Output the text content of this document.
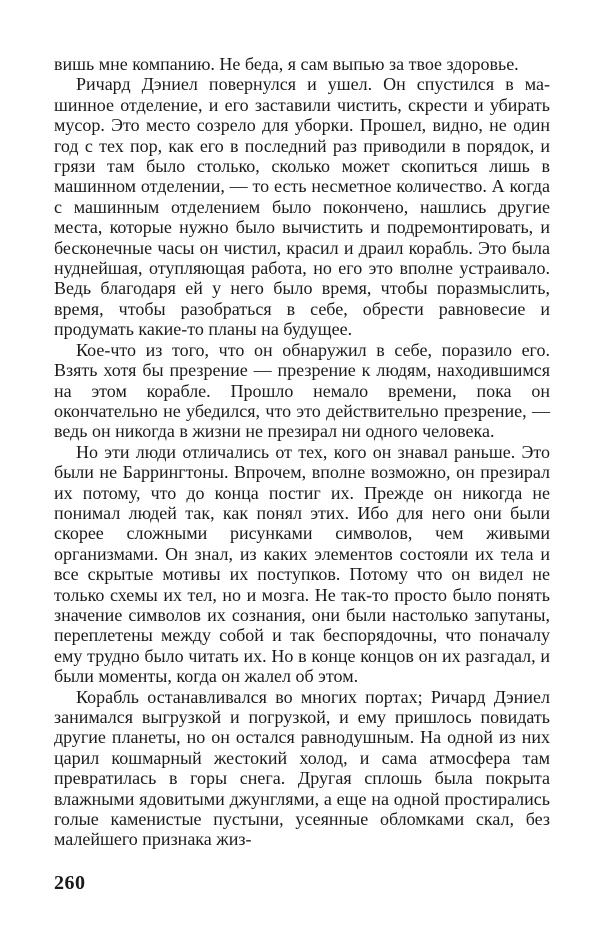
вишь мне компанию. Не беда, я сам выпью за твое здоровье.

Ричард Дэниел повернулся и ушел. Он спустился в машинное отделение, и его заставили чистить, скрести и убирать мусор. Это место созрело для уборки. Прошел, видно, не один год с тех пор, как его в последний раз приводили в порядок, и грязи там было столько, сколько может скопиться лишь в машинном отделении, — то есть несметное количество. А когда с машинным отделением было покончено, нашлись другие места, которые нужно было вычистить и подремонтировать, и бесконечные часы он чистил, красил и драил корабль. Это была нуднейшая, отупляющая работа, но его это вполне устраивало. Ведь благодаря ей у него было время, чтобы поразмыслить, время, чтобы разобраться в себе, обрести равновесие и продумать какие-то планы на будущее.

Кое-что из того, что он обнаружил в себе, поразило его. Взять хотя бы презрение — презрение к людям, находившимся на этом корабле. Прошло немало времени, пока он окончательно не убедился, что это действительно презрение, — ведь он никогда в жизни не презирал ни одного человека.

Но эти люди отличались от тех, кого он знавал раньше. Это были не Баррингтоны. Впрочем, вполне возможно, он презирал их потому, что до конца постиг их. Прежде он никогда не понимал людей так, как понял этих. Ибо для него они были скорее сложными рисунками символов, чем живыми организмами. Он знал, из каких элементов состояли их тела и все скрытые мотивы их поступков. Потому что он видел не только схемы их тел, но и мозга. Не так-то просто было понять значение символов их сознания, они были настолько запутаны, переплетены между собой и так беспорядочны, что поначалу ему трудно было читать их. Но в конце концов он их разгадал, и были моменты, когда он жалел об этом.

Корабль останавливался во многих портах; Ричард Дэниел занимался выгрузкой и погрузкой, и ему пришлось повидать другие планеты, но он остался равнодушным. На одной из них царил кошмарный жестокий холод, и сама атмосфера там превратилась в горы снега. Другая сплошь была покрыта влажными ядовитыми джунглями, а еще на одной простирались голые каменистые пустыни, усеянные обломками скал, без малейшего признака жиз-

260
